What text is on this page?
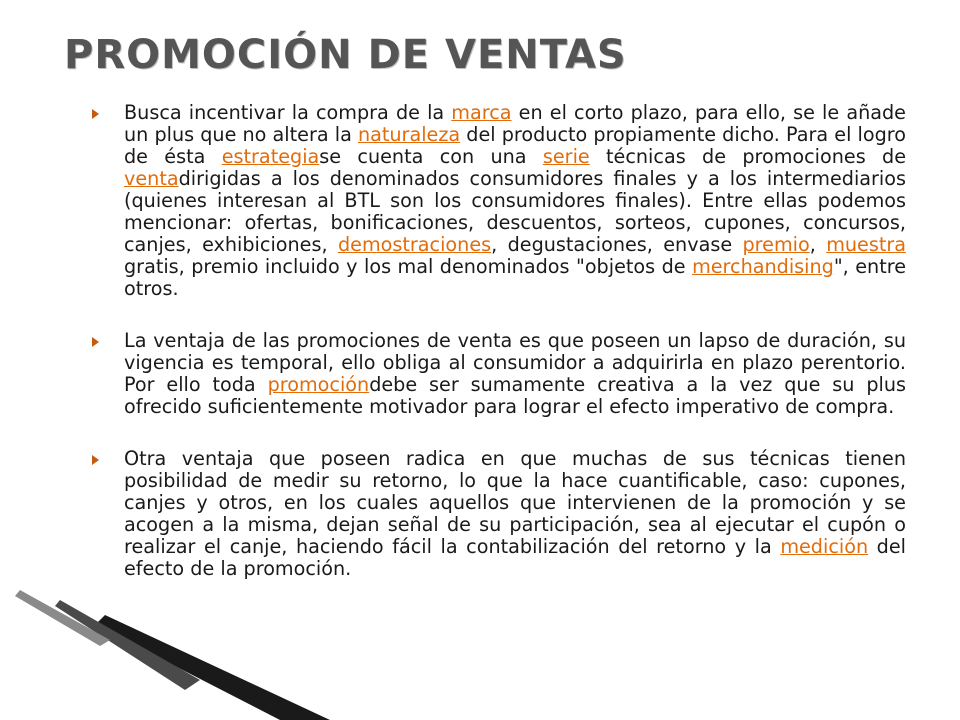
PROMOCIÓN DE VENTAS

Busca incentivar la compra de la marca en el corto plazo, para ello, se le añade un plus que no altera la naturaleza del producto propiamente dicho. Para el logro de ésta estrategiase cuenta con una serie técnicas de promociones de ventadirigidas a los denominados consumidores finales y a los intermediarios (quienes interesan al BTL son los consumidores finales). Entre ellas podemos mencionar: ofertas, bonificaciones, descuentos, sorteos, cupones, concursos, canjes, exhibiciones, demostraciones, degustaciones, envase premio, muestra gratis, premio incluido y los mal denominados "objetos de merchandising", entre otros.

La ventaja de las promociones de venta es que poseen un lapso de duración, su vigencia es temporal, ello obliga al consumidor a adquirirla en plazo perentorio. Por ello toda promocióndebe ser sumamente creativa a la vez que su plus ofrecido suficientemente motivador para lograr el efecto imperativo de compra.

Otra ventaja que poseen radica en que muchas de sus técnicas tienen posibilidad de medir su retorno, lo que la hace cuantificable, caso: cupones, canjes y otros, en los cuales aquellos que intervienen de la promoción y se acogen a la misma, dejan señal de su participación, sea al ejecutar el cupón o realizar el canje, haciendo fácil la contabilización del retorno y la medición del efecto de la promoción.
